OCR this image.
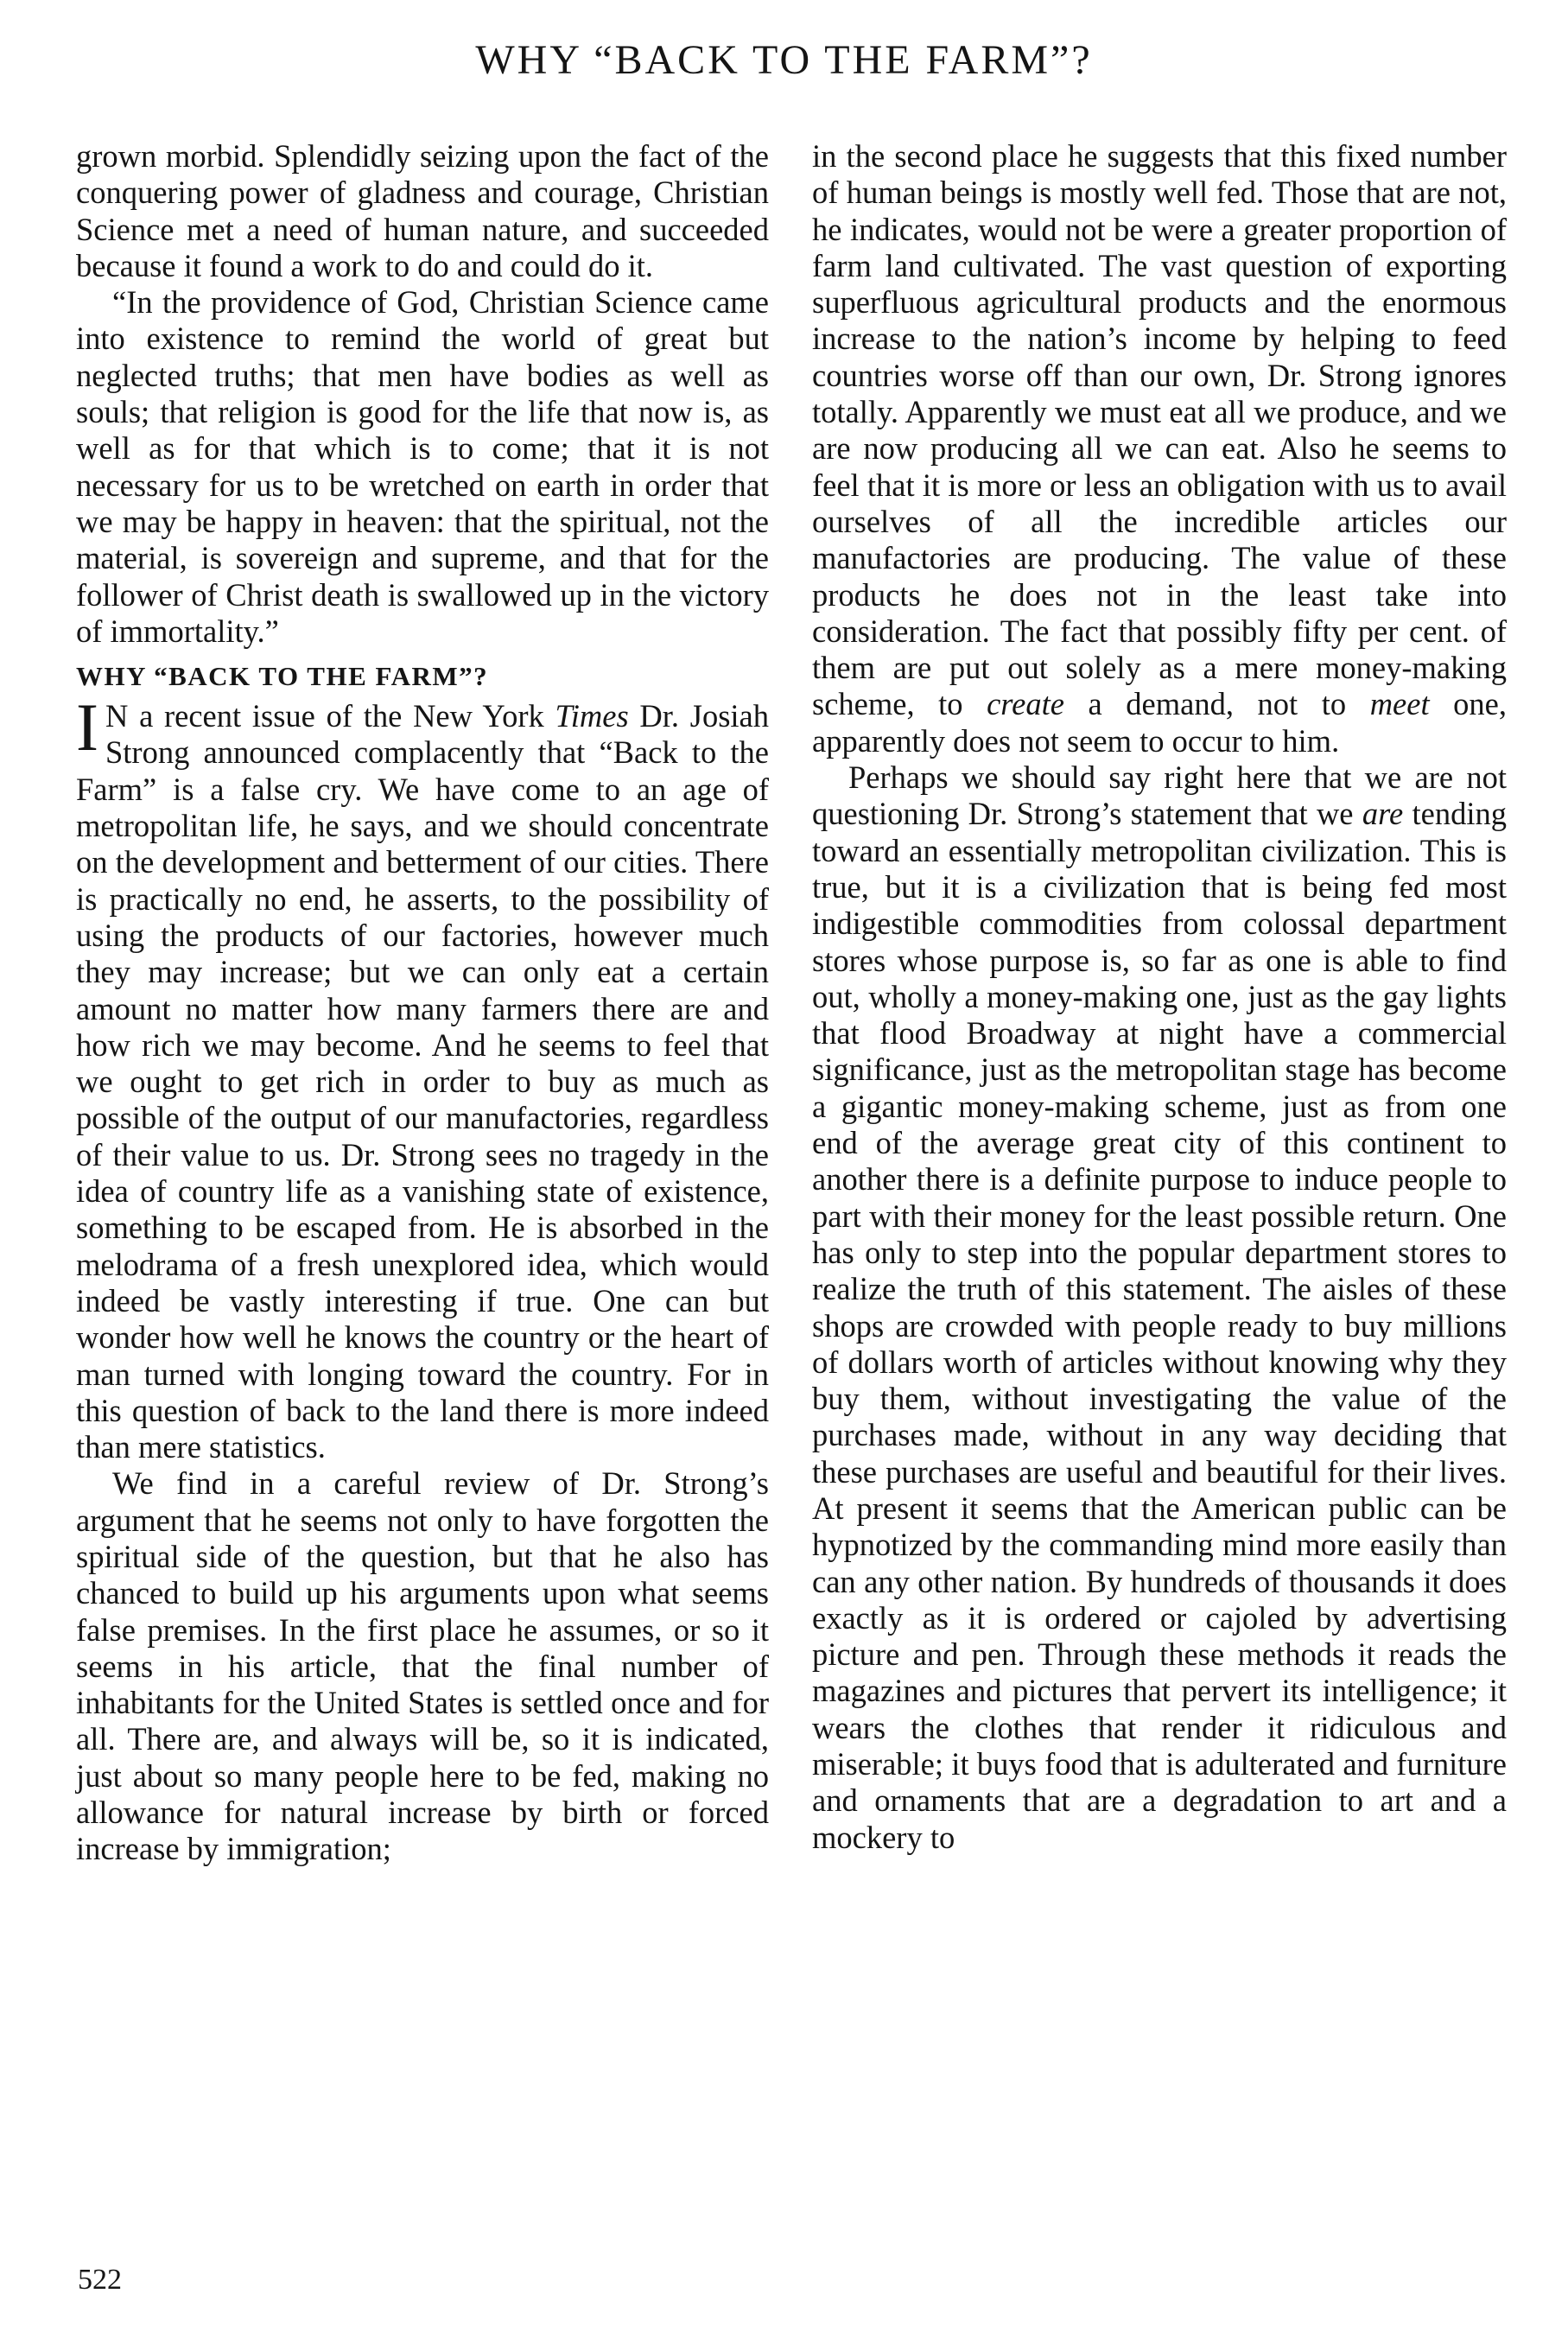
WHY “BACK TO THE FARM”?

grown morbid. Splendidly seizing upon the fact of the conquering power of gladness and courage, Christian Science met a need of human nature, and succeeded because it found a work to do and could do it.

“In the providence of God, Christian Science came into existence to remind the world of great but neglected truths; that men have bodies as well as souls; that religion is good for the life that now is, as well as for that which is to come; that it is not necessary for us to be wretched on earth in order that we may be happy in heaven: that the spiritual, not the material, is sovereign and supreme, and that for the follower of Christ death is swallowed up in the victory of immortality.”

WHY “BACK TO THE FARM”?

I N a recent issue of the New York Times Dr. Josiah Strong announced complacently that “Back to the Farm” is a false cry. We have come to an age of metropolitan life, he says, and we should concentrate on the development and betterment of our cities. There is practically no end, he asserts, to the possibility of using the products of our factories, however much they may increase; but we can only eat a certain amount no matter how many farmers there are and how rich we may become. And he seems to feel that we ought to get rich in order to buy as much as possible of the output of our manufactories, regardless of their value to us. Dr. Strong sees no tragedy in the idea of country life as a vanishing state of existence, something to be escaped from. He is absorbed in the melodrama of a fresh unexplored idea, which would indeed be vastly interesting if true. One can but wonder how well he knows the country or the heart of man turned with longing toward the country. For in this question of back to the land there is more indeed than mere statistics.

We find in a careful review of Dr. Strong’s argument that he seems not only to have forgotten the spiritual side of the question, but that he also has chanced to build up his arguments upon what seems false premises. In the first place he assumes, or so it seems in his article, that the final number of inhabitants for the United States is settled once and for all. There are, and always will be, so it is indicated, just about so many people here to be fed, making no allowance for natural increase by birth or forced increase by immigration;

in the second place he suggests that this fixed number of human beings is mostly well fed. Those that are not, he indicates, would not be were a greater proportion of farm land cultivated. The vast question of exporting superfluous agricultural products and the enormous increase to the nation’s income by helping to feed countries worse off than our own, Dr. Strong ignores totally. Apparently we must eat all we produce, and we are now producing all we can eat. Also he seems to feel that it is more or less an obligation with us to avail ourselves of all the incredible articles our manufactories are producing. The value of these products he does not in the least take into consideration. The fact that possibly fifty per cent. of them are put out solely as a mere money-making scheme, to create a demand, not to meet one, apparently does not seem to occur to him.

Perhaps we should say right here that we are not questioning Dr. Strong’s statement that we are tending toward an essentially metropolitan civilization. This is true, but it is a civilization that is being fed most indigestible commodities from colossal department stores whose purpose is, so far as one is able to find out, wholly a money-making one, just as the gay lights that flood Broadway at night have a commercial significance, just as the metropolitan stage has become a gigantic money-making scheme, just as from one end of the average great city of this continent to another there is a definite purpose to induce people to part with their money for the least possible return. One has only to step into the popular department stores to realize the truth of this statement. The aisles of these shops are crowded with people ready to buy millions of dollars worth of articles without knowing why they buy them, without investigating the value of the purchases made, without in any way deciding that these purchases are useful and beautiful for their lives. At present it seems that the American public can be hypnotized by the commanding mind more easily than can any other nation. By hundreds of thousands it does exactly as it is ordered or cajoled by advertising picture and pen. Through these methods it reads the magazines and pictures that pervert its intelligence; it wears the clothes that render it ridiculous and miserable; it buys food that is adulterated and furniture and ornaments that are a degradation to art and a mockery to

522
